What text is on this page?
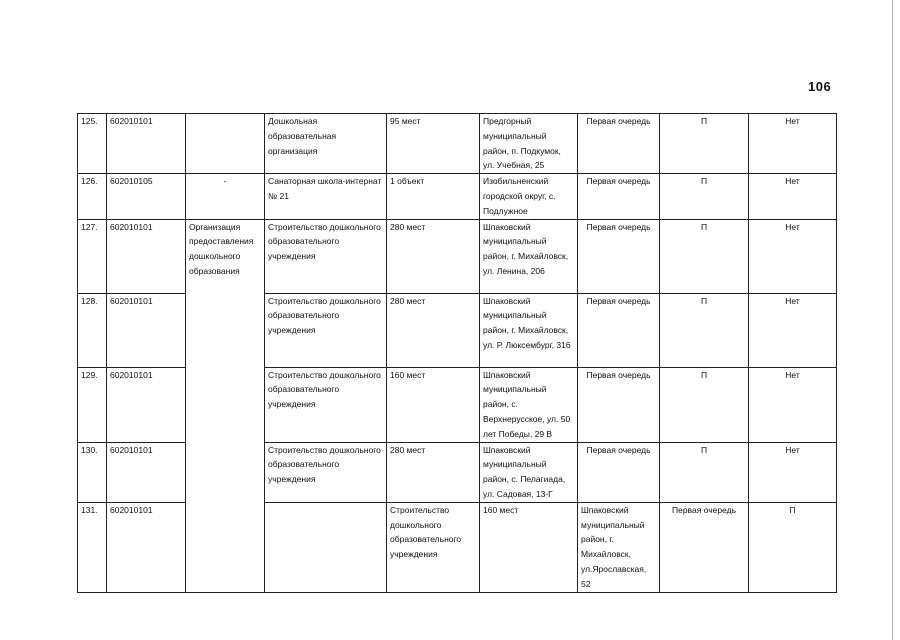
106
125.	602010101		Дошкольная образовательная организация	95 мест	Предгорный муниципальный район, п. Подкумок, ул. Учебная, 25	Первая очередь	П	Нет	
126.	602010105	-	Санаторная школа-интернат № 21	1 объект	Изобильненский городской округ, с. Подлужное	Первая очередь	П	Нет	
127.	602010101	Организация предоставления дошкольного образования	Строительство дошкольного образовательного учреждения	280 мест	Шпаковский муниципальный район, г. Михайловск, ул. Ленина, 206	Первая очередь	П	Нет	
128.	602010101		Строительство дошкольного образовательного учреждения	280 мест	Шпаковский муниципальный район, г. Михайловск, ул. Р. Люксембург, 316	Первая очередь	П	Нет	
129.	602010101		Строительство дошкольного образовательного учреждения	160 мест	Шпаковский муниципальный район, с. Верхнерусское, ул. 50 лет Победы, 29 В	Первая очередь	П	Нет	
130.	602010101		Строительство дошкольного образовательного учреждения	280 мест	Шпаковский муниципальный район, с. Пелагиада, ул. Садовая, 13-Г	Первая очередь	П	Нет	
131.	602010101			Строительство дошкольного образовательного учреждения	160 мест	Шпаковский муниципальный район, г. Михайловск, ул.Ярославская, 52	Первая очередь	П	
